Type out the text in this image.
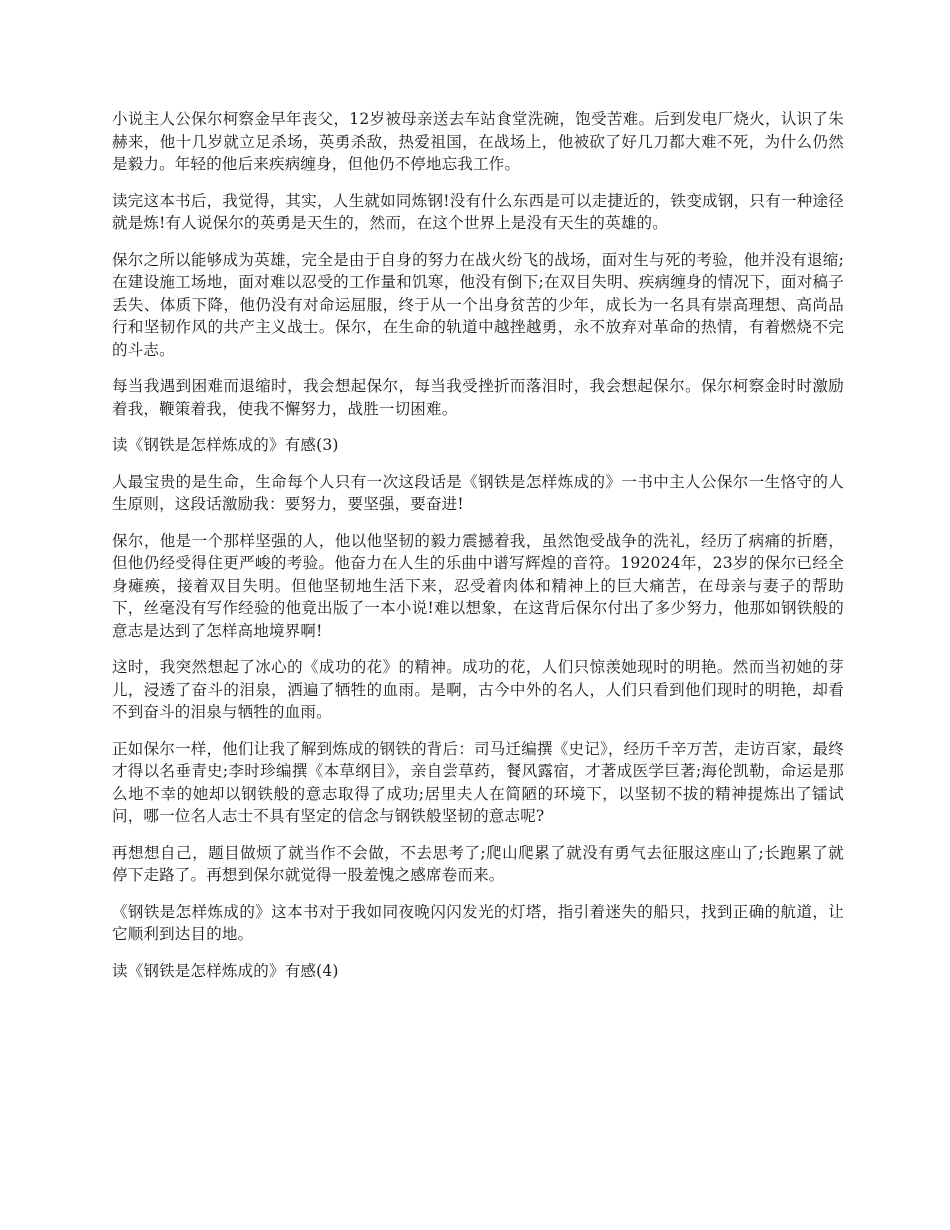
小说主人公保尔柯察金早年丧父，12岁被母亲送去车站食堂洗碗，饱受苦难。后到发电厂烧火，认识了朱赫来，他十几岁就立足杀场，英勇杀敌，热爱祖国，在战场上，他被砍了好几刀都大难不死，为什么仍然是毅力。年轻的他后来疾病缠身，但他仍不停地忘我工作。

读完这本书后，我觉得，其实，人生就如同炼钢!没有什么东西是可以走捷近的，铁变成钢，只有一种途径就是炼!有人说保尔的英勇是天生的，然而，在这个世界上是没有天生的英雄的。

保尔之所以能够成为英雄，完全是由于自身的努力在战火纷飞的战场，面对生与死的考验，他并没有退缩;在建设施工场地，面对难以忍受的工作量和饥寒，他没有倒下;在双目失明、疾病缠身的情况下，面对稿子丢失、体质下降，他仍没有对命运屈服，终于从一个出身贫苦的少年，成长为一名具有崇高理想、高尚品行和坚韧作风的共产主义战士。保尔，在生命的轨道中越挫越勇，永不放弃对革命的热情，有着燃烧不完的斗志。

每当我遇到困难而退缩时，我会想起保尔，每当我受挫折而落泪时，我会想起保尔。保尔柯察金时时激励着我，鞭策着我，使我不懈努力，战胜一切困难。

读《钢铁是怎样炼成的》有感(3)

人最宝贵的是生命，生命每个人只有一次这段话是《钢铁是怎样炼成的》一书中主人公保尔一生恪守的人生原则，这段话激励我：要努力，要坚强，要奋进!

保尔，他是一个那样坚强的人，他以他坚韧的毅力震撼着我，虽然饱受战争的洗礼，经历了病痛的折磨，但他仍经受得住更严峻的考验。他奋力在人生的乐曲中谱写辉煌的音符。192024年，23岁的保尔已经全身瘫痪，接着双目失明。但他坚韧地生活下来，忍受着肉体和精神上的巨大痛苦，在母亲与妻子的帮助下，丝毫没有写作经验的他竟出版了一本小说!难以想象，在这背后保尔付出了多少努力，他那如钢铁般的意志是达到了怎样高地境界啊!

这时，我突然想起了冰心的《成功的花》的精神。成功的花，人们只惊羡她现时的明艳。然而当初她的芽儿，浸透了奋斗的泪泉，洒遍了牺牲的血雨。是啊，古今中外的名人，人们只看到他们现时的明艳，却看不到奋斗的泪泉与牺牲的血雨。

正如保尔一样，他们让我了解到炼成的钢铁的背后：司马迁编撰《史记》，经历千辛万苦，走访百家，最终才得以名垂青史;李时珍编撰《本草纲目》，亲自尝草药，餐风露宿，才著成医学巨著;海伦凯勒，命运是那么地不幸的她却以钢铁般的意志取得了成功;居里夫人在简陋的环境下，以坚韧不拔的精神提炼出了镭试问，哪一位名人志士不具有坚定的信念与钢铁般坚韧的意志呢?

再想想自己，题目做烦了就当作不会做，不去思考了;爬山爬累了就没有勇气去征服这座山了;长跑累了就停下走路了。再想到保尔就觉得一股羞愧之感席卷而来。

《钢铁是怎样炼成的》这本书对于我如同夜晚闪闪发光的灯塔，指引着迷失的船只，找到正确的航道，让它顺利到达目的地。

读《钢铁是怎样炼成的》有感(4)
